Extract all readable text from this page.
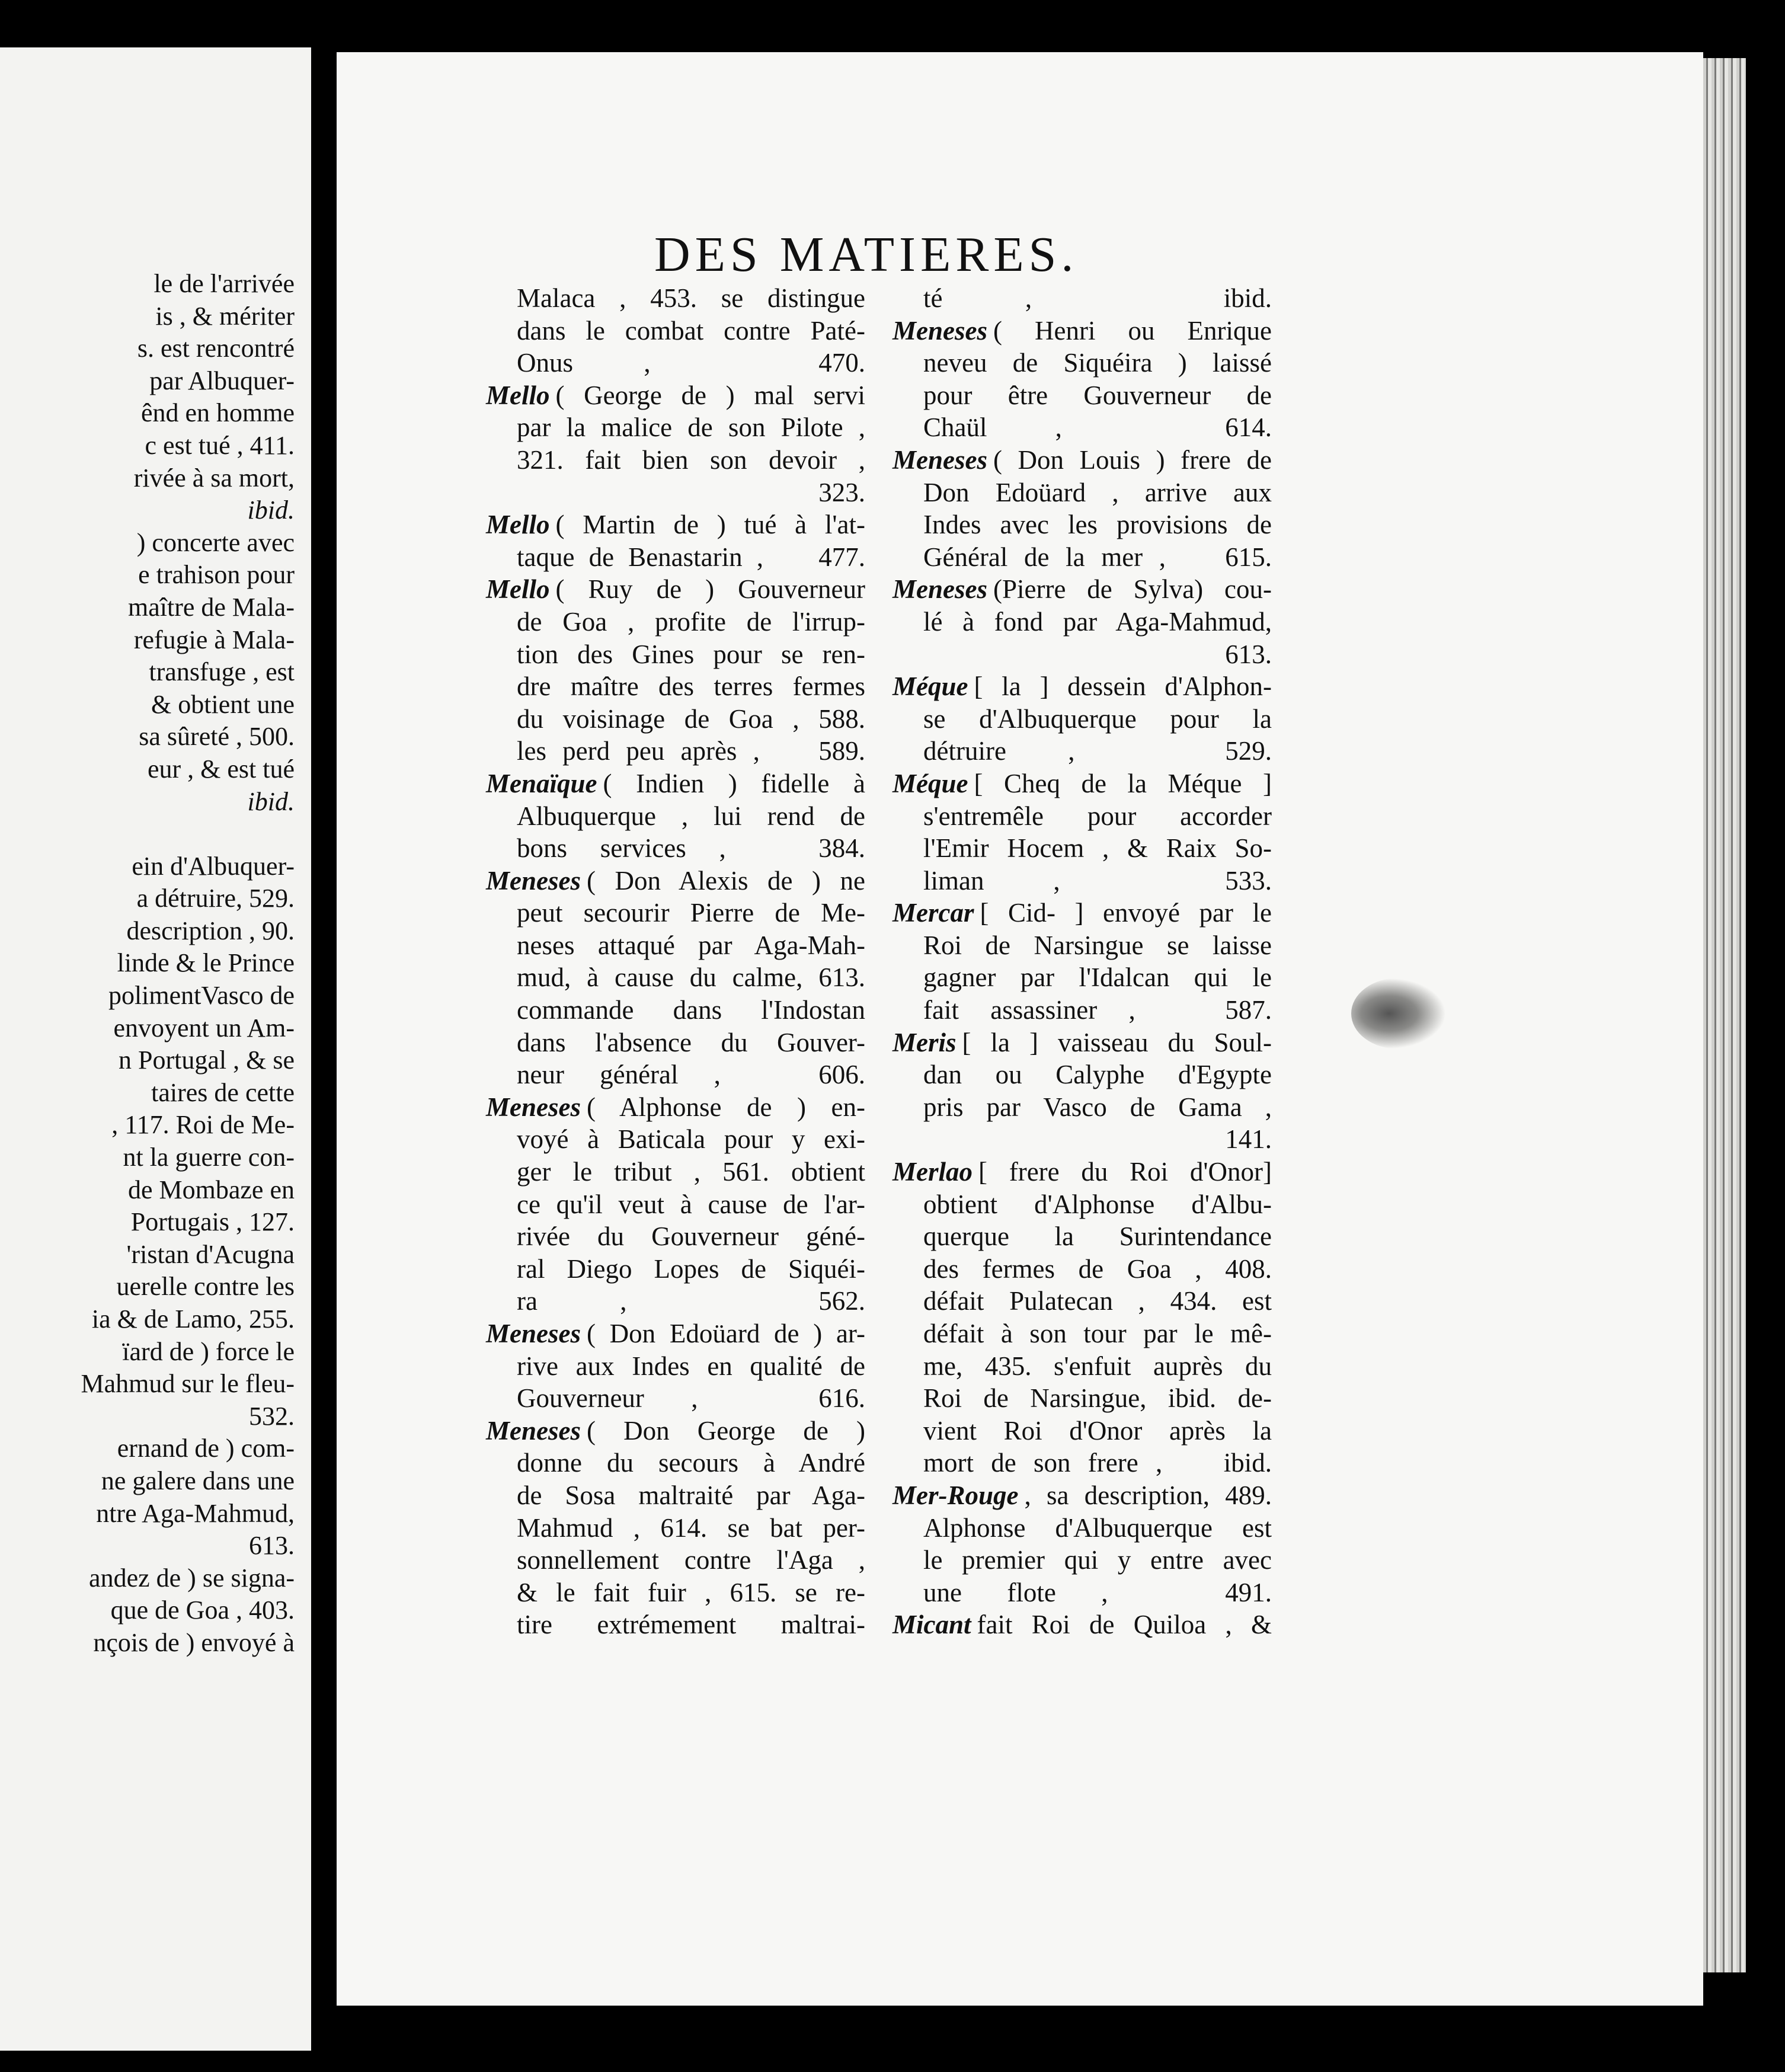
le de l'arrivée
is , & mériter
s. est rencontré
par Albuquer-
ênd en homme
c est tué , 411.
rivée à sa mort,
ibid.
) concerte avec
e trahison pour
maître de Mala-
refugie à Mala-
transfuge , est
& obtient une
sa sûreté , 500.
eur , & est tué
ibid.
ein d'Albuquer-
a détruire, 529.
description , 90.
linde & le Prince
polimentVasco de
envoyent un Am-
n Portugal , & se
taires de cette
, 117. Roi de Me-
nt la guerre con-
de Mombaze en
Portugais , 127.
'ristan d'Acugna
uerelle contre les
ia & de Lamo, 255.
ïard de ) force le
Mahmud sur le fleu-
532.
ernand de ) com-
ne galere dans une
ntre Aga-Mahmud,
613.
andez de ) se signa-
que de Goa , 403.
nçois de ) envoyé à
DES MATIERES.
Malaca , 453. se distingue
dans le combat contre Paté-
Onus ,   470.
Mello ( George de ) mal servi
par la malice de son Pilote ,
321. fait bien son devoir ,
323.
Mello ( Martin de ) tué à l'at-
taque de Benastarin ,   477.
Mello ( Ruy de ) Gouverneur
de Goa , profite de l'irrup-
tion des Gines pour se ren-
dre maître des terres fermes
du voisinage de Goa , 588.
les perd peu après ,   589.
Menaïque ( Indien ) fidelle à
Albuquerque , lui rend de
bons services ,   384.
Meneses ( Don Alexis de ) ne
peut secourir Pierre de Me-
neses attaqué par Aga-Mah-
mud, à cause du calme, 613.
commande dans l'Indostan
dans l'absence du Gouver-
neur général ,   606.
Meneses ( Alphonse de ) en-
voyé à Baticala pour y exi-
ger le tribut , 561. obtient
ce qu'il veut à cause de l'ar-
rivée du Gouverneur géné-
ral Diego Lopes de Siquéi-
ra ,   562.
Meneses ( Don Edoüard de ) ar-
rive aux Indes en qualité de
Gouverneur ,   616.
Meneses ( Don George de )
donne du secours à André
de Sosa maltraité par Aga-
Mahmud , 614. se bat per-
sonnellement contre l'Aga ,
& le fait fuir , 615. se re-
tire extrémement maltrai-
té ,   ibid.
Meneses ( Henri ou Enrique
neveu de Siquéira ) laissé
pour être Gouverneur de
Chaül ,   614.
Meneses ( Don Louis ) frere de
Don Edoüard , arrive aux
Indes avec les provisions de
Général de la mer ,   615.
Meneses (Pierre de Sylva) cou-
lé à fond par Aga-Mahmud,
613.
Méque [ la ] dessein d'Alphon-
se d'Albuquerque pour la
détruire ,   529.
Méque [ Cheq de la Méque ]
s'entremêle pour accorder
l'Emir Hocem , & Raix So-
liman ,   533.
Mercar [ Cid- ] envoyé par le
Roi de Narsingue se laisse
gagner par l'Idalcan qui le
fait assassiner ,   587.
Meris [ la ] vaisseau du Soul-
dan ou Calyphe d'Egypte
pris par Vasco de Gama ,
141.
Merlao [ frere du Roi d'Onor]
obtient d'Alphonse d'Albu-
querque la Surintendance
des fermes de Goa , 408.
défait Pulatecan , 434. est
défait à son tour par le mê-
me, 435. s'enfuit auprès du
Roi de Narsingue, ibid. de-
vient Roi d'Onor après la
mort de son frere ,   ibid.
Mer-Rouge , sa description, 489.
Alphonse d'Albuquerque est
le premier qui y entre avec
une flote ,   491.
Micant fait Roi de Quiloa , &
